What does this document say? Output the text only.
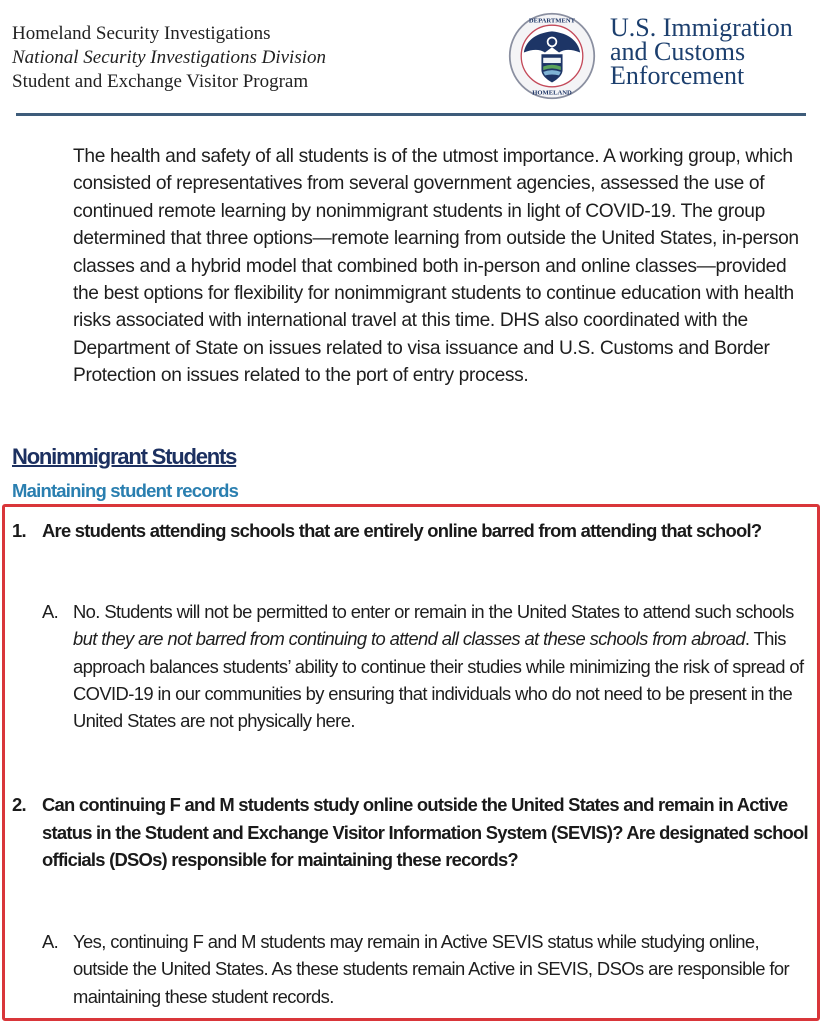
Homeland Security Investigations
National Security Investigations Division
Student and Exchange Visitor Program
DEPARTMENT
HOMELAND
U.S. Immigration
and Customs
Enforcement
The health and safety of all students is of the utmost importance. A working group, which consisted of representatives from several government agencies, assessed the use of continued remote learning by nonimmigrant students in light of COVID-19. The group determined that three options—remote learning from outside the United States, in-person classes and a hybrid model that combined both in-person and online classes—provided the best options for flexibility for nonimmigrant students to continue education with health risks associated with international travel at this time. DHS also coordinated with the Department of State on issues related to visa issuance and U.S. Customs and Border Protection on issues related to the port of entry process.
Nonimmigrant Students
Maintaining student records
1. Are students attending schools that are entirely online barred from attending that school?
A. No. Students will not be permitted to enter or remain in the United States to attend such schools but they are not barred from continuing to attend all classes at these schools from abroad. This approach balances students’ ability to continue their studies while minimizing the risk of spread of COVID-19 in our communities by ensuring that individuals who do not need to be present in the United States are not physically here.
2. Can continuing F and M students study online outside the United States and remain in Active status in the Student and Exchange Visitor Information System (SEVIS)? Are designated school officials (DSOs) responsible for maintaining these records?
A. Yes, continuing F and M students may remain in Active SEVIS status while studying online, outside the United States. As these students remain Active in SEVIS, DSOs are responsible for maintaining these student records.
